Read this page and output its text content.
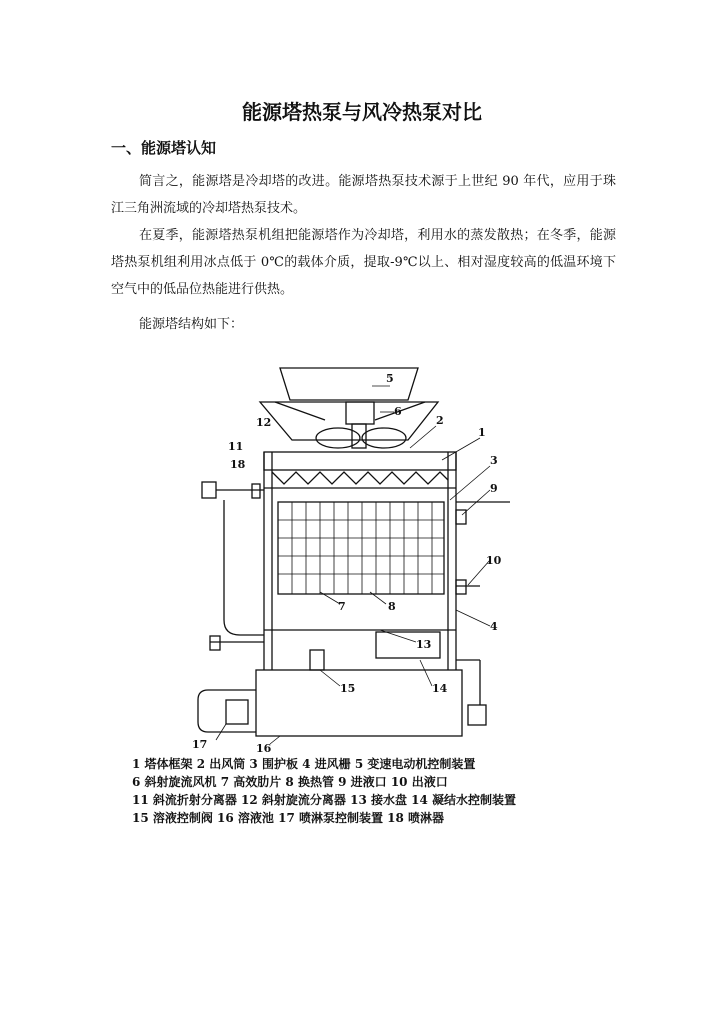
能源塔热泵与风冷热泵对比
一、能源塔认知
简言之，能源塔是冷却塔的改进。能源塔热泵技术源于上世纪 90 年代，应用于珠江三角洲流域的冷却塔热泵技术。
在夏季，能源塔热泵机组把能源塔作为冷却塔，利用水的蒸发散热；在冬季，能源塔热泵机组利用冰点低于 0℃的载体介质，提取-9℃以上、相对湿度较高的低温环境下空气中的低品位热能进行供热。
能源塔结构如下：
5
6
12	2
1
11
18	3
9
10
4
7	8
13
14
15
16
17
1 塔体框架 2 出风筒 3 围护板 4 进风栅 5 变速电动机控制装置
6 斜射旋流风机 7 高效肋片 8 换热管 9 进液口 10 出液口
11 斜流折射分离器 12 斜射旋流分离器 13 接水盘 14 凝结水控制装置
15 溶液控制阀 16 溶液池 17 喷淋泵控制装置 18 喷淋器
